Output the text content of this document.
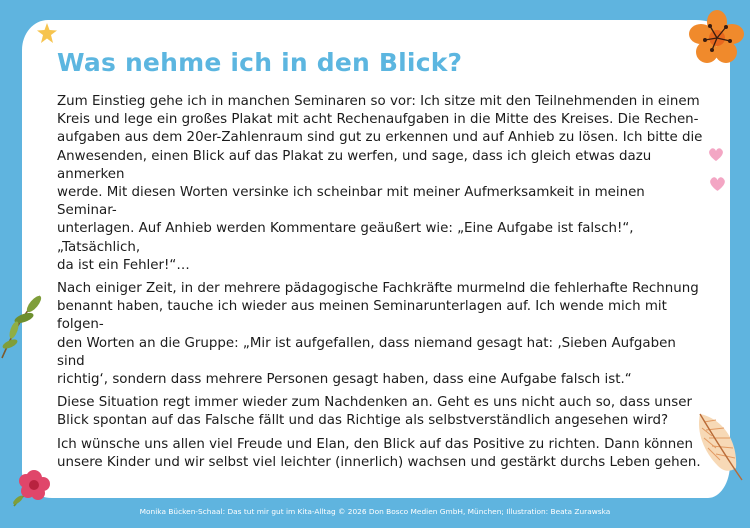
Was nehme ich in den Blick?

Zum Einstieg gehe ich in manchen Seminaren so vor: Ich sitze mit den Teilnehmenden in einem
Kreis und lege ein großes Plakat mit acht Rechenaufgaben in die Mitte des Kreises. Die Rechen-
aufgaben aus dem 20er-Zahlenraum sind gut zu erkennen und auf Anhieb zu lösen. Ich bitte die
Anwesenden, einen Blick auf das Plakat zu werfen, und sage, dass ich gleich etwas dazu anmerken
werde. Mit diesen Worten versinke ich scheinbar mit meiner Aufmerksamkeit in meinen Seminar-
unterlagen. Auf Anhieb werden Kommentare geäußert wie: „Eine Aufgabe ist falsch!“, „Tatsächlich,
da ist ein Fehler!“…

Nach einiger Zeit, in der mehrere pädagogische Fachkräfte murmelnd die fehlerhafte Rechnung
benannt haben, tauche ich wieder aus meinen Seminarunterlagen auf. Ich wende mich mit folgen-
den Worten an die Gruppe: „Mir ist aufgefallen, dass niemand gesagt hat: ‚Sieben Aufgaben sind
richtig‘, sondern dass mehrere Personen gesagt haben, dass eine Aufgabe falsch ist.“

Diese Situation regt immer wieder zum Nachdenken an. Geht es uns nicht auch so, dass unser
Blick spontan auf das Falsche fällt und das Richtige als selbstverständlich angesehen wird?

Ich wünsche uns allen viel Freude und Elan, den Blick auf das Positive zu richten. Dann können
unsere Kinder und wir selbst viel leichter (innerlich) wachsen und gestärkt durchs Leben gehen.

Monika Bücken-Schaal: Das tut mir gut im Kita-Alltag © 2026 Don Bosco Medien GmbH, München; Illustration: Beata Zurawska
